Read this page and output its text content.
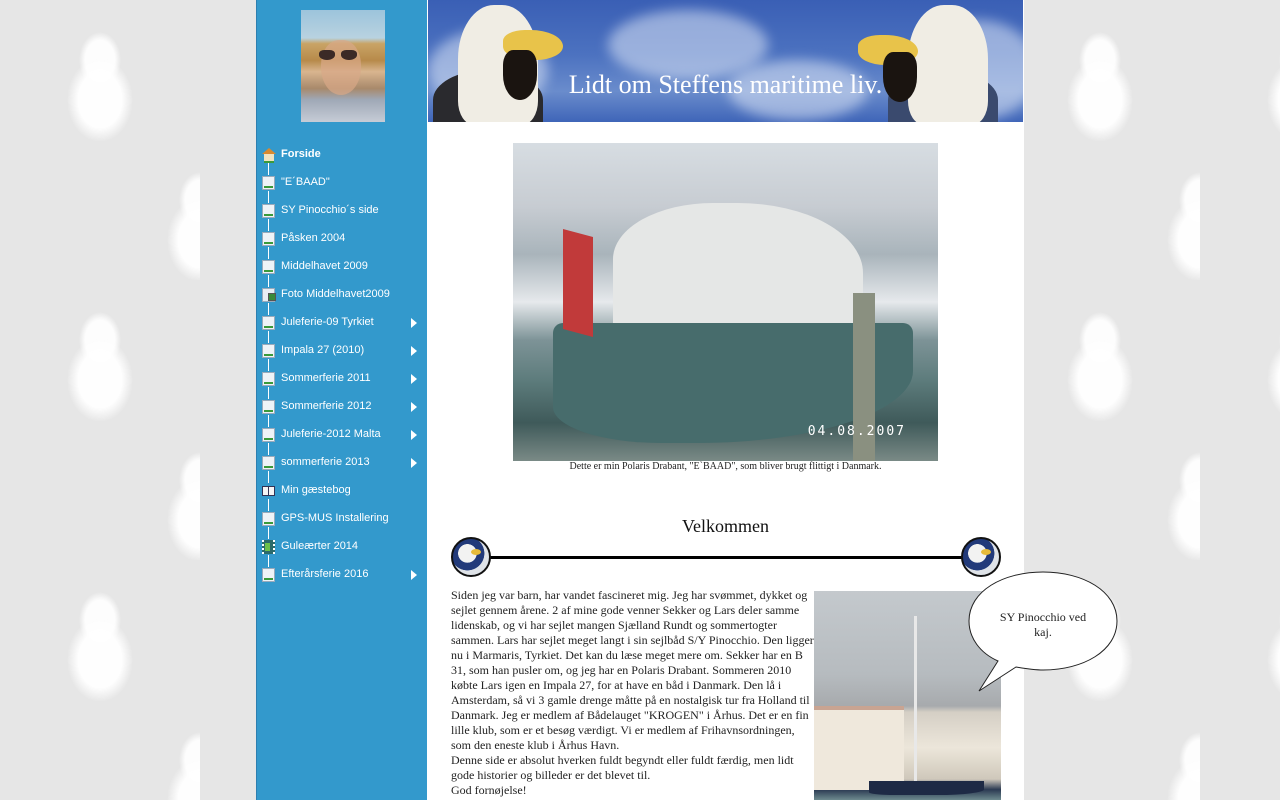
Forside
"E´BAAD"
SY Pinocchio´s side
Påsken 2004
Middelhavet 2009
Foto Middelhavet2009
Juleferie-09 Tyrkiet
Impala 27 (2010)
Sommerferie 2011
Sommerferie 2012
Juleferie-2012 Malta
sommerferie 2013
Min gæstebog
GPS-MUS Installering
Guleærter 2014
Efterårsferie 2016
Lidt om Steffens maritime liv.
04.08.2007
Dette er min Polaris Drabant, "E`BAAD", som bliver brugt flittigt i Danmark.
Velkommen

Siden jeg var barn, har vandet fascineret mig. Jeg har svømmet, dykket og sejlet gennem årene. 2 af mine gode venner Sekker og Lars deler samme lidenskab, og vi har sejlet mangen Sjælland Rundt og sommertogter sammen. Lars har sejlet meget langt i sin sejlbåd S/Y Pinocchio. Den ligger nu i Marmaris, Tyrkiet. Det kan du læse meget mere om. Sekker har en B 31, som han pusler om, og jeg har en Polaris Drabant. Sommeren 2010 købte Lars igen en Impala 27, for at have en båd i Danmark. Den lå i Amsterdam, så vi 3 gamle drenge måtte på en nostalgisk tur fra Holland til Danmark. Jeg er medlem af Bådelauget "KROGEN" i Århus. Det er en fin lille klub, som er et besøg værdigt. Vi er medlem af Frihavnsordningen, som den eneste klub i Århus Havn.

Denne side er absolut hverken fuldt begyndt eller fuldt færdig, men lidt gode historier og billeder er det blevet til.

God fornøjelse!

SY Pinocchio ved kaj.
